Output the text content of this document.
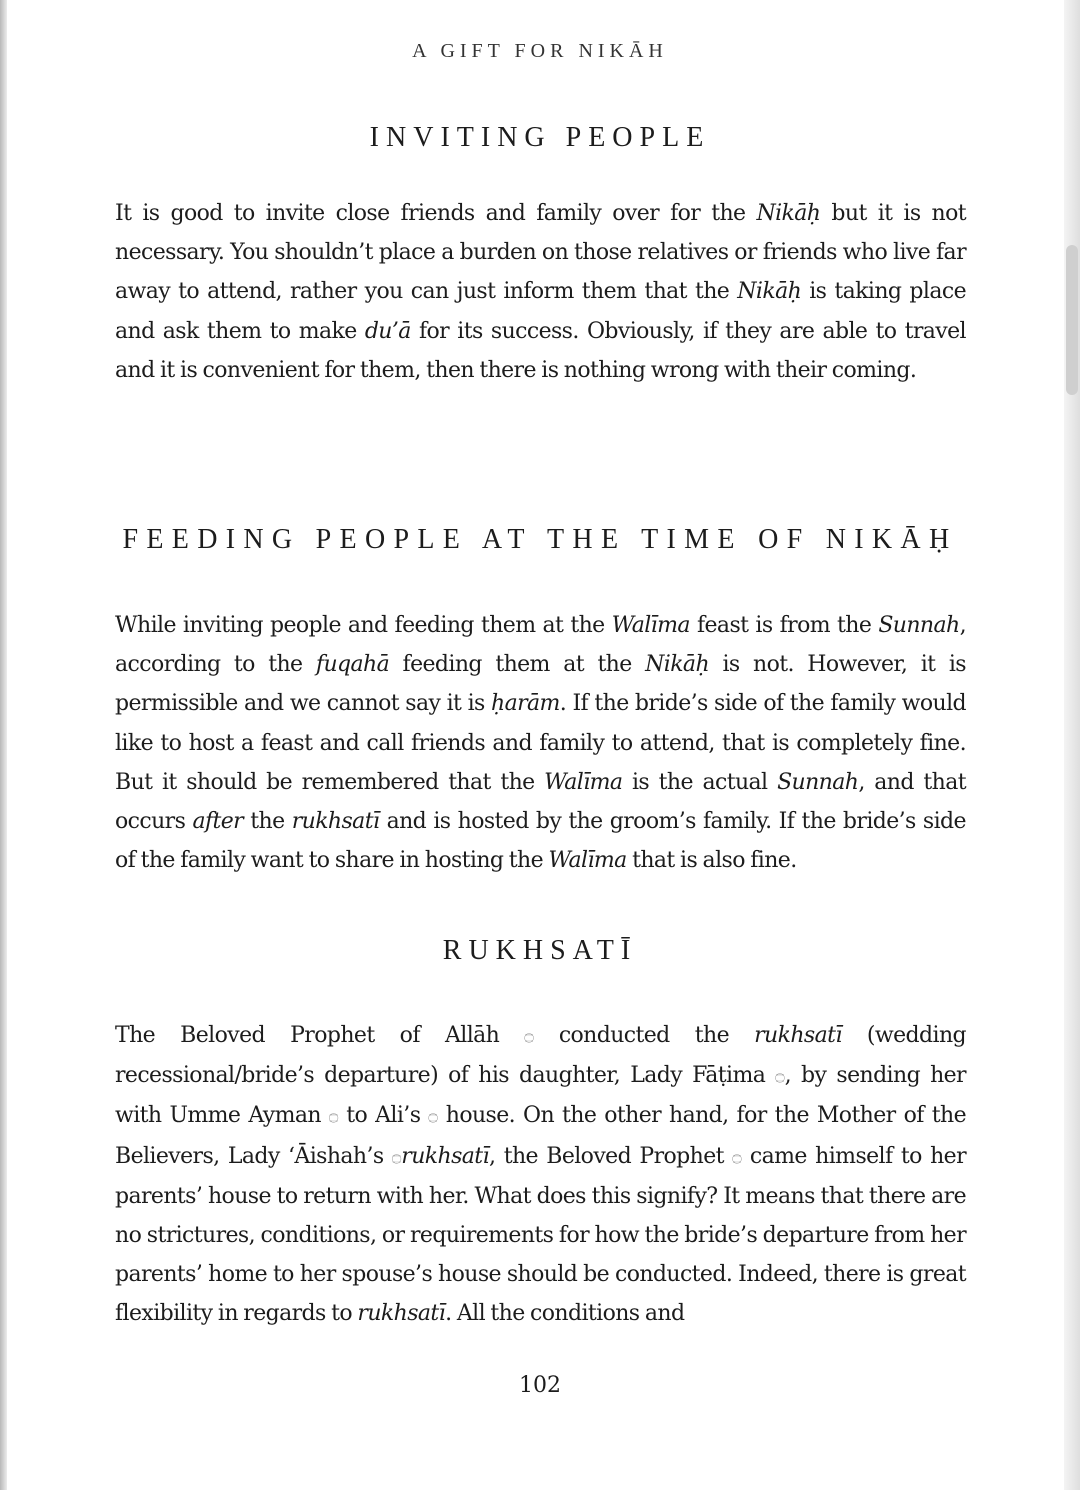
A GIFT FOR NIKĀH
INVITING PEOPLE

It is good to invite close friends and family over for the Nikāḥ but it is not necessary. You shouldn’t place a burden on those relatives or friends who live far away to attend, rather you can just inform them that the Nikāḥ is taking place and ask them to make du’ā for its success. Obviously, if they are able to travel and it is convenient for them, then there is nothing wrong with their coming.

FEEDING PEOPLE AT THE TIME OF NIKĀḤ

While inviting people and feeding them at the Walīma feast is from the Sunnah, according to the fuqahā feeding them at the Nikāḥ is not. However, it is permissible and we cannot say it is ḥarām. If the bride’s side of the family would like to host a feast and call friends and family to attend, that is completely fine. But it should be remembered that the Walīma is the actual Sunnah, and that occurs after the rukhsatī and is hosted by the groom’s family. If the bride’s side of the family want to share in hosting the Walīma that is also fine.

RUKHSATĪ

The Beloved Prophet of Allāh ۝ conducted the rukhsatī (wedding recessional/bride’s departure) of his daughter, Lady Fāṭima ۝, by sending her with Umme Ayman ۝ to Ali’s ۝ house. On the other hand, for the Mother of the Believers, Lady ‘Āishah’s ۝rukhsatī, the Beloved Prophet ۝ came himself to her parents’ house to return with her. What does this signify? It means that there are no strictures, conditions, or requirements for how the bride’s departure from her parents’ home to her spouse’s house should be conducted. Indeed, there is great flexibility in regards to rukhsatī. All the conditions and

102
